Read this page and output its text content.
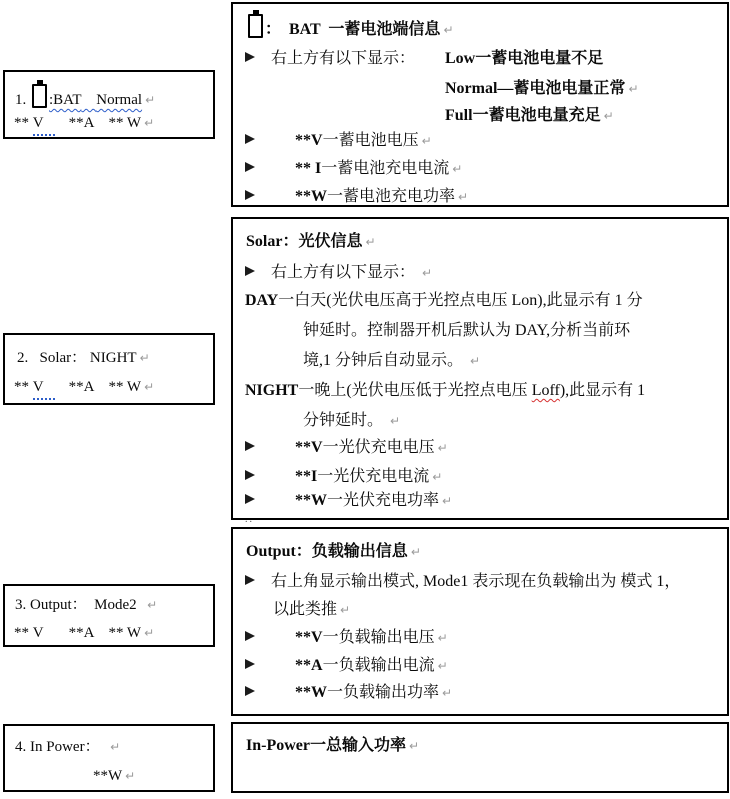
1. :BAT Normal ↵
** V **A ** W ↵
2. Solar： NIGHT ↵
** V **A ** W ↵
3. Output： Mode2 ↵
** V **A ** W ↵
4. In Power： ↵
**W ↵
：  BAT  一蓄电池端信息 ↵
右上方有以下显示： Low一蓄电池电量不足
Normal—蓄电池电量正常 ↵
Full一蓄电池电量充足 ↵
**V一蓄电池电压 ↵
** I一蓄电池充电电流 ↵
**W一蓄电池充电功率 ↵
Solar：光伏信息 ↵
右上方有以下显示： ↵
DAY一白天(光伏电压高于光控点电压 Lon),此显示有 1 分
钟延时。控制器开机后默认为 DAY,分析当前环
境,1 分钟后自动显示。 ↵
NIGHT一晚上(光伏电压低于光控点电压 Loff),此显示有 1
分钟延时。 ↵
**V一光伏充电电压 ↵
**I一光伏充电电流 ↵
**W一光伏充电功率 ↵
..
Output：负载输出信息 ↵
右上角显示输出模式, Mode1 表示现在负载输出为 模式 1，
以此类推 ↵
**V一负载输出电压 ↵
**A一负载输出电流 ↵
**W一负载输出功率 ↵
In-Power一总输入功率 ↵
